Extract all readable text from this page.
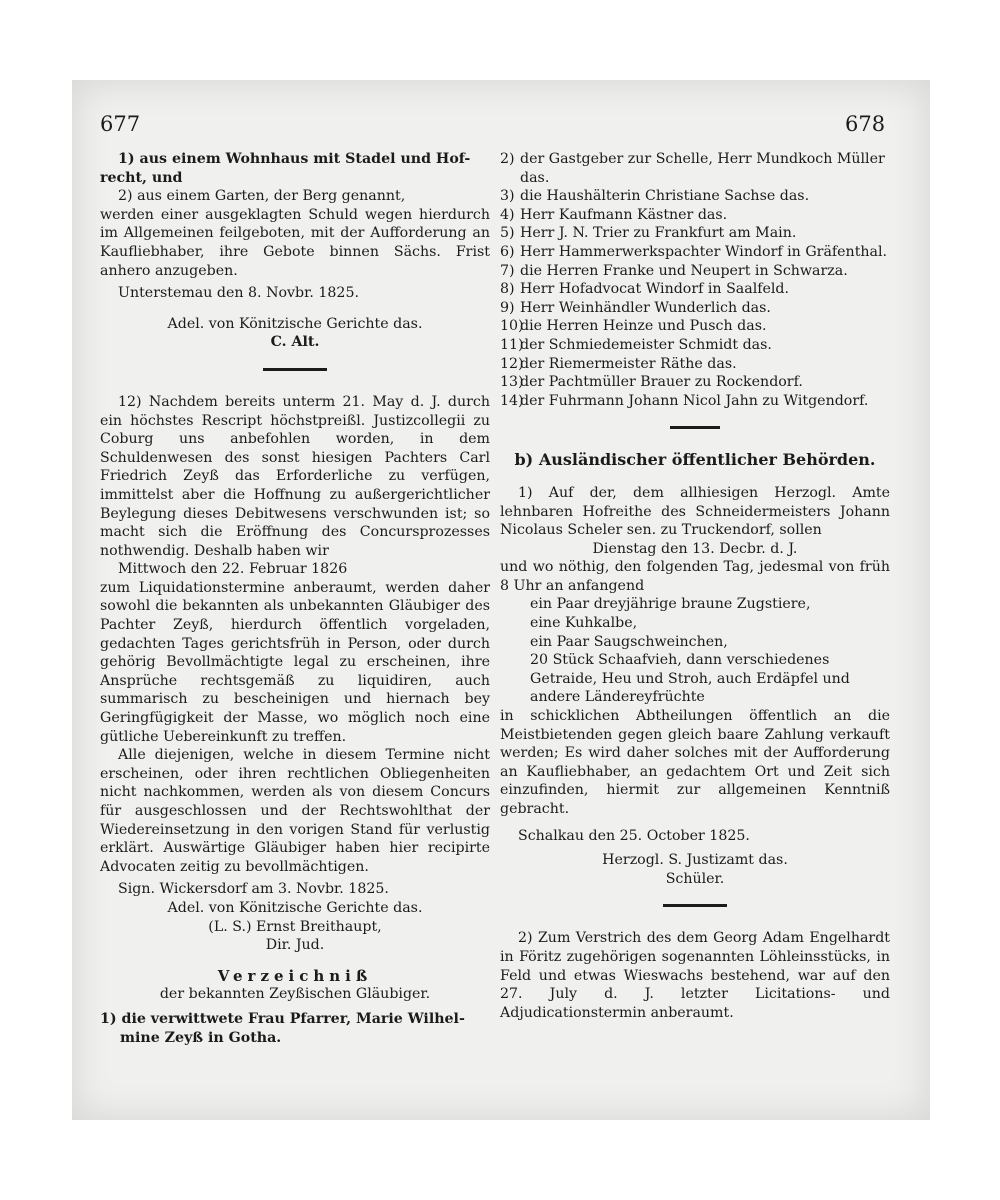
677	678

1) aus einem Wohnhaus mit Stadel und Hof-

recht, und

2) aus einem Garten, der Berg genannt,

werden einer ausgeklagten Schuld wegen hierdurch im Allgemeinen feilgeboten, mit der Aufforderung an Kaufliebhaber, ihre Gebote binnen Sächs. Frist anhero anzugeben.

Unterstemau den 8. Novbr. 1825.

Adel. von Könitzische Gerichte das.

C. Alt.

12) Nachdem bereits unterm 21. May d. J. durch ein höchstes Rescript höchstpreißl. Justizcollegii zu Coburg uns anbefohlen worden, in dem Schuldenwesen des sonst hiesigen Pachters Carl Friedrich Zeyß das Erforderliche zu verfügen, immittelst aber die Hoffnung zu außergerichtlicher Beylegung dieses Debitwesens verschwunden ist; so macht sich die Eröffnung des Concursprozesses nothwendig. Deshalb haben wir

Mittwoch den 22. Februar 1826

zum Liquidationstermine anberaumt, werden daher sowohl die bekannten als unbekannten Gläubiger des Pachter Zeyß, hierdurch öffentlich vorgeladen, gedachten Tages gerichtsfrüh in Person, oder durch gehörig Bevollmächtigte legal zu erscheinen, ihre Ansprüche rechtsgemäß zu liquidiren, auch summarisch zu bescheinigen und hiernach bey Geringfügigkeit der Masse, wo möglich noch eine gütliche Uebereinkunft zu treffen.

Alle diejenigen, welche in diesem Termine nicht erscheinen, oder ihren rechtlichen Obliegenheiten nicht nachkommen, werden als von diesem Concurs für ausgeschlossen und der Rechtswohlthat der Wiedereinsetzung in den vorigen Stand für verlustig erklärt. Auswärtige Gläubiger haben hier recipirte Advocaten zeitig zu bevollmächtigen.

Sign. Wickersdorf am 3. Novbr. 1825.

Adel. von Könitzische Gerichte das.

(L. S.) Ernst Breithaupt,

Dir. Jud.

Verzeichniß

der bekannten Zeyßischen Gläubiger.

1) die verwittwete Frau Pfarrer, Marie Wilhel-

mine Zeyß in Gotha.

2) der Gastgeber zur Schelle, Herr Mundkoch Müller das.
3) die Haushälterin Christiane Sachse das.
4) Herr Kaufmann Kästner das.
5) Herr J. N. Trier zu Frankfurt am Main.
6) Herr Hammerwerkspachter Windorf in Gräfenthal.
7) die Herren Franke und Neupert in Schwarza.
8) Herr Hofadvocat Windorf in Saalfeld.
9) Herr Weinhändler Wunderlich das.
10)
die Herren Heinze und Pusch das.
11)
der Schmiedemeister Schmidt das.
12)
der Riemermeister Räthe das.
13)
der Pachtmüller Brauer zu Rockendorf.
14)
der Fuhrmann Johann Nicol Jahn zu Witgendorf.

b) Ausländischer öffentlicher Behörden.

1) Auf der, dem allhiesigen Herzogl. Amte lehnbaren Hofreithe des Schneidermeisters Johann Nicolaus Scheler sen. zu Truckendorf, sollen

Dienstag den 13. Decbr. d. J.

und wo nöthig, den folgenden Tag, jedesmal von früh 8 Uhr an anfangend

ein Paar dreyjährige braune Zugstiere,

eine Kuhkalbe,

ein Paar Saugschweinchen,

20 Stück Schaafvieh, dann verschiedenes Getraide, Heu und Stroh, auch Erdäpfel und andere Ländereyfrüchte

in schicklichen Abtheilungen öffentlich an die Meistbietenden gegen gleich baare Zahlung verkauft werden; Es wird daher solches mit der Aufforderung an Kaufliebhaber, an gedachtem Ort und Zeit sich einzufinden, hiermit zur allgemeinen Kenntniß gebracht.

Schalkau den 25. October 1825.

Herzogl. S. Justizamt das.

Schüler.

2) Zum Verstrich des dem Georg Adam Engelhardt in Föritz zugehörigen sogenannten Löhleinsstücks, in Feld und etwas Wieswachs bestehend, war auf den 27. July d. J. letzter Licitations- und Adjudicationstermin anberaumt.
